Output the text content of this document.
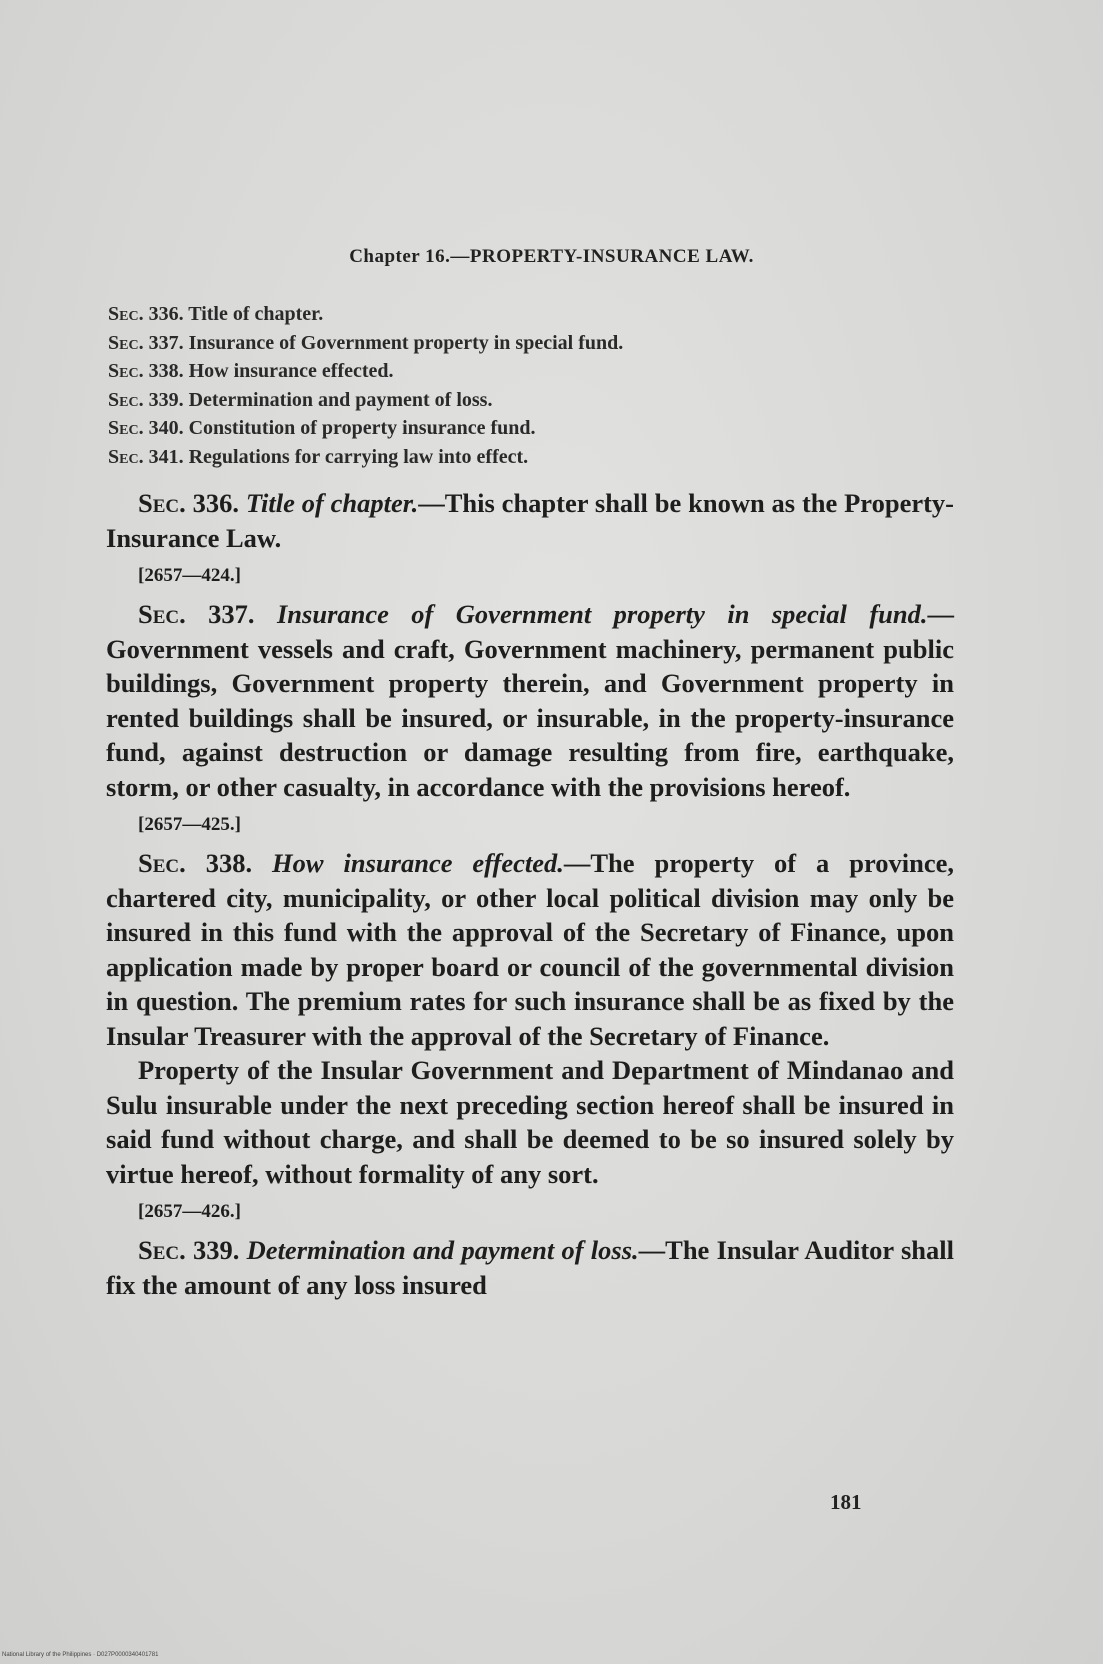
Chapter 16.—PROPERTY-INSURANCE LAW.
Sec. 336. Title of chapter.
Sec. 337. Insurance of Government property in special fund.
Sec. 338. How insurance effected.
Sec. 339. Determination and payment of loss.
Sec. 340. Constitution of property insurance fund.
Sec. 341. Regulations for carrying law into effect.

Sec. 336. Title of chapter.—This chapter shall be known as the Property-Insurance Law.

[2657—424.]

Sec. 337. Insurance of Government property in special fund.—Government vessels and craft, Government machinery, permanent public buildings, Government property therein, and Government property in rented buildings shall be insured, or insurable, in the property-insurance fund, against destruction or damage resulting from fire, earthquake, storm, or other casualty, in accordance with the provisions hereof.

[2657—425.]

Sec. 338. How insurance effected.—The property of a province, chartered city, municipality, or other local political division may only be insured in this fund with the approval of the Secretary of Finance, upon application made by proper board or council of the governmental division in question. The premium rates for such insurance shall be as fixed by the Insular Treasurer with the approval of the Secretary of Finance.

Property of the Insular Government and Department of Mindanao and Sulu insurable under the next preceding section hereof shall be insured in said fund without charge, and shall be deemed to be so insured solely by virtue hereof, without formality of any sort.

[2657—426.]

Sec. 339. Determination and payment of loss.—The Insular Auditor shall fix the amount of any loss insured

181
National Library of the Philippines · D027P0000340401781
